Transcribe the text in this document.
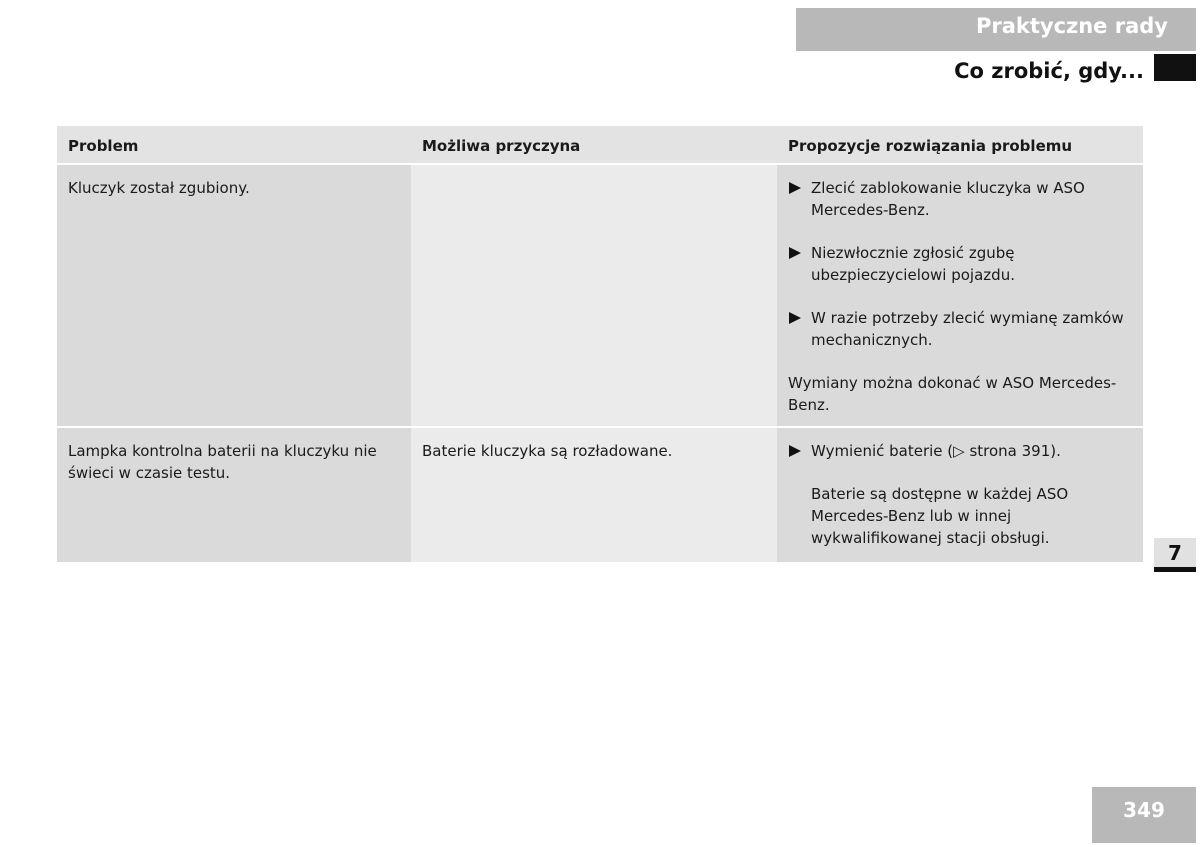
Praktyczne rady
Co zrobić, gdy...
Problem	Możliwa przyczyna	Propozycje rozwiązania problemu
Kluczyk został zgubiony.		Zlecić zablokowanie kluczyka w ASO Mercedes-Benz.
Niezwłocznie zgłosić zgubę ubezpieczycielowi pojazdu.
W razie potrzeby zlecić wymianę zamków mechanicznych.

Wymiany można dokonać w ASO Mercedes-Benz.

Lampka kontrolna baterii na kluczyku nie świeci w czasie testu.	Baterie kluczyka są rozładowane.	Wymienić baterie (▷ strona 391).

Baterie są dostępne w każdej ASO Mercedes-Benz lub w innej wykwalifikowanej stacji obsługi.

7
349
